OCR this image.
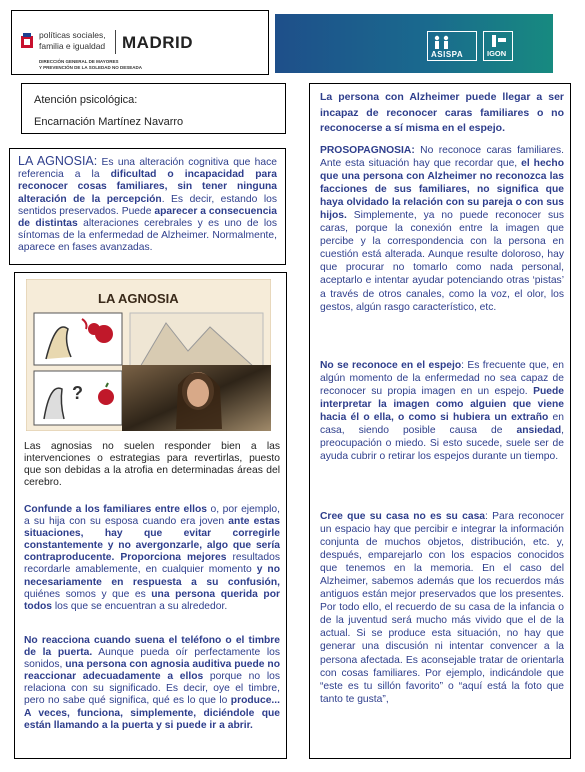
políticas sociales,
familia e igualdad MADRID
DIRECCIÓN GENERAL DE MAYORES
Y PREVENCIÓN DE LA SOLEDAD NO DESEADA
ASISPA	IGON
Atención psicológica:
Encarnación Martínez Navarro
LA AGNOSIA: Es una alteración cognitiva que hace referencia a la dificultad o incapacidad para reconocer cosas familiares, sin tener ninguna alteración de la percepción. Es decir, estando los sentidos preservados. Puede aparecer a consecuencia de distintas alteraciones cerebrales y es uno de los síntomas de la enfermedad de Alzheimer. Normalmente, aparece en fases avanzadas.
LA AGNOSIA
?

Las agnosias no suelen responder bien a las intervenciones o estrategias para revertirlas, puesto que son debidas a la atrofia en determinadas áreas del cerebro.

Confunde a los familiares entre ellos o, por ejemplo, a su hija con su esposa cuando era joven ante estas situaciones, hay que evitar corregirle constantemente y no avergonzarle, algo que sería contraproducente. Proporciona mejores resultados recordarle amablemente, en cualquier momento y no necesariamente en respuesta a su confusión, quiénes somos y que es una persona querida por todos los que se encuentran a su alrededor.

No reacciona cuando suena el teléfono o el timbre de la puerta. Aunque pueda oír perfectamente los sonidos, una persona con agnosia auditiva puede no reaccionar adecuadamente a ellos porque no los relaciona con su significado. Es decir, oye el timbre, pero no sabe qué significa, qué es lo que lo produce... A veces, funciona, simplemente, diciéndole que están llamando a la puerta y si puede ir a abrir.

La persona con Alzheimer puede llegar a ser incapaz de reconocer caras familiares o no reconocerse a sí misma en el espejo.

PROSOPAGNOSIA: No reconoce caras familiares. Ante esta situación hay que recordar que, el hecho que una persona con Alzheimer no reconozca las facciones de sus familiares, no significa que haya olvidado la relación con su pareja o con sus hijos. Simplemente, ya no puede reconocer sus caras, porque la conexión entre la imagen que percibe y la correspondencia con la persona en cuestión está alterada. Aunque resulte doloroso, hay que procurar no tomarlo como nada personal, aceptarlo e intentar ayudar potenciando otras ‘pistas’ a través de otros canales, como la voz, el olor, los gestos, algún rasgo característico, etc.

No se reconoce en el espejo: Es frecuente que, en algún momento de la enfermedad no sea capaz de reconocer su propia imagen en un espejo. Puede interpretar la imagen como alguien que viene hacia él o ella, o como si hubiera un extraño en casa, siendo posible causa de ansiedad, preocupación o miedo. Si esto sucede, suele ser de ayuda cubrir o retirar los espejos durante un tiempo.

Cree que su casa no es su casa: Para reconocer un espacio hay que percibir e integrar la información conjunta de muchos objetos, distribución, etc. y, después, emparejarlo con los espacios conocidos que tenemos en la memoria. En el caso del Alzheimer, sabemos además que los recuerdos más antiguos están mejor preservados que los presentes. Por todo ello, el recuerdo de su casa de la infancia o de la juventud será mucho más vivido que el de la actual. Si se produce esta situación, no hay que generar una discusión ni intentar convencer a la persona afectada. Es aconsejable tratar de orientarla con cosas familiares. Por ejemplo, indicándole que “este es tu sillón favorito” o “aquí está la foto que tanto te gusta”,
